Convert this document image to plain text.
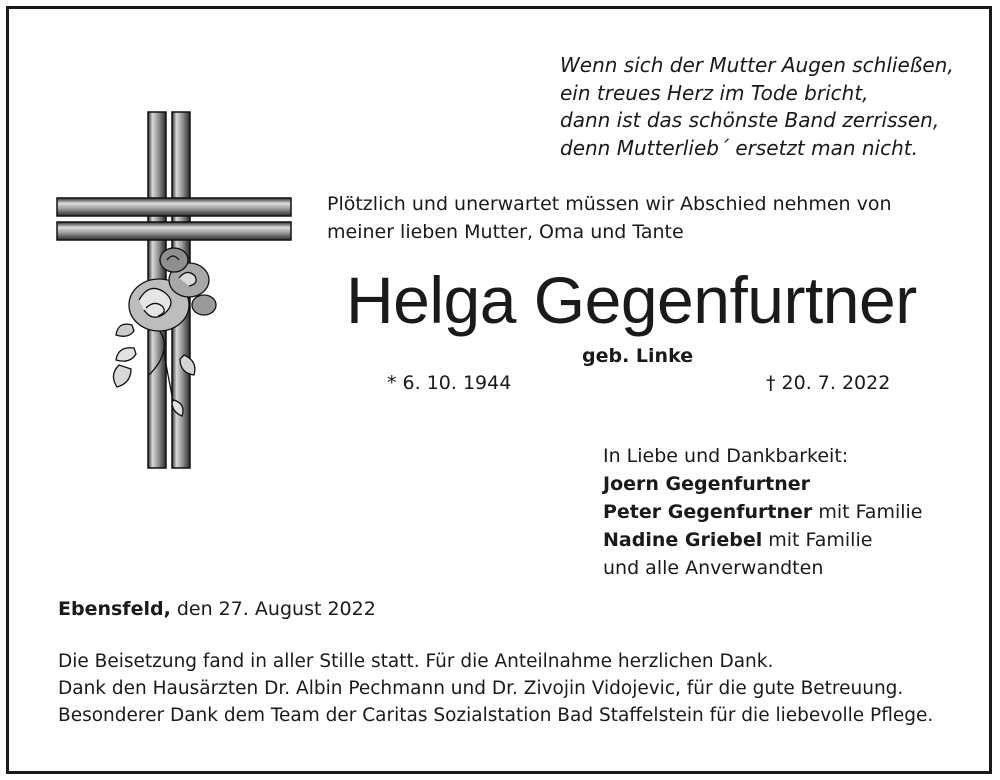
Wenn sich der Mutter Augen schließen,
ein treues Herz im Tode bricht,
dann ist das schönste Band zerrissen,
denn Mutterlieb´ ersetzt man nicht.
Plötzlich und unerwartet müssen wir Abschied nehmen von
meiner lieben Mutter, Oma und Tante
Helga Gegenfurtner
geb. Linke
* 6. 10. 1944	† 20. 7. 2022
In Liebe und Dankbarkeit:
Joern Gegenfurtner
Peter Gegenfurtner mit Familie
Nadine Griebel mit Familie
und alle Anverwandten
Ebensfeld, den 27. August 2022
Die Beisetzung fand in aller Stille statt. Für die Anteilnahme herzlichen Dank.
Dank den Hausärzten Dr. Albin Pechmann und Dr. Zivojin Vidojevic, für die gute Betreuung.
Besonderer Dank dem Team der Caritas Sozialstation Bad Staffelstein für die liebevolle Pflege.
